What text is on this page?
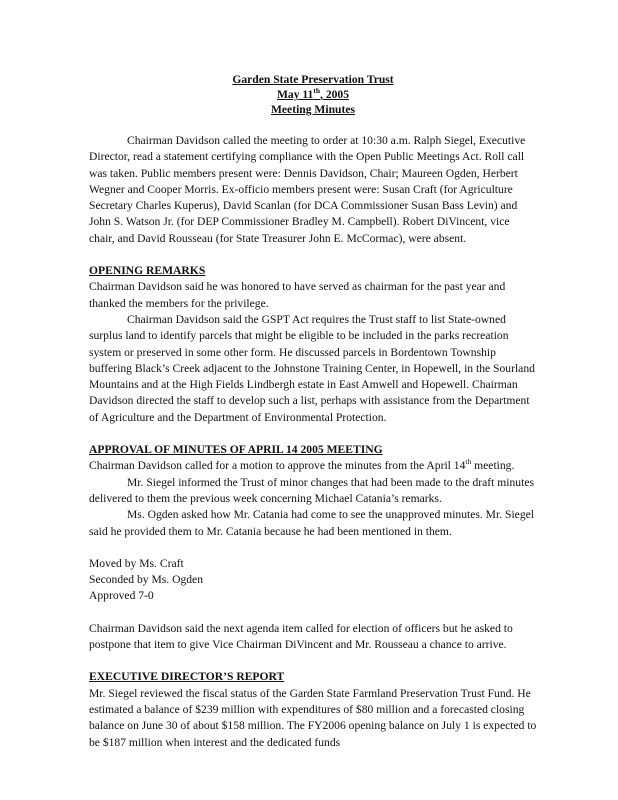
Garden State Preservation Trust
May 11th, 2005
Meeting Minutes

Chairman Davidson called the meeting to order at 10:30 a.m. Ralph Siegel, Executive Director, read a statement certifying compliance with the Open Public Meetings Act. Roll call was taken. Public members present were: Dennis Davidson, Chair; Maureen Ogden, Herbert Wegner and Cooper Morris. Ex-officio members present were: Susan Craft (for Agriculture Secretary Charles Kuperus), David Scanlan (for DCA Commissioner Susan Bass Levin) and John S. Watson Jr. (for DEP Commissioner Bradley M. Campbell). Robert DiVincent, vice chair, and David Rousseau (for State Treasurer John E. McCormac), were absent.

OPENING REMARKS

Chairman Davidson said he was honored to have served as chairman for the past year and thanked the members for the privilege.

Chairman Davidson said the GSPT Act requires the Trust staff to list State-owned surplus land to identify parcels that might be eligible to be included in the parks recreation system or preserved in some other form. He discussed parcels in Bordentown Township buffering Black’s Creek adjacent to the Johnstone Training Center, in Hopewell, in the Sourland Mountains and at the High Fields Lindbergh estate in East Amwell and Hopewell. Chairman Davidson directed the staff to develop such a list, perhaps with assistance from the Department of Agriculture and the Department of Environmental Protection.

APPROVAL OF MINUTES OF APRIL 14 2005 MEETING

Chairman Davidson called for a motion to approve the minutes from the April 14th meeting.

Mr. Siegel informed the Trust of minor changes that had been made to the draft minutes delivered to them the previous week concerning Michael Catania’s remarks.

Ms. Ogden asked how Mr. Catania had come to see the unapproved minutes. Mr. Siegel said he provided them to Mr. Catania because he had been mentioned in them.

Moved by Ms. Craft

Seconded by Ms. Ogden

Approved 7-0

Chairman Davidson said the next agenda item called for election of officers but he asked to postpone that item to give Vice Chairman DiVincent and Mr. Rousseau a chance to arrive.

EXECUTIVE DIRECTOR’S REPORT

Mr. Siegel reviewed the fiscal status of the Garden State Farmland Preservation Trust Fund. He estimated a balance of $239 million with expenditures of $80 million and a forecasted closing balance on June 30 of about $158 million. The FY2006 opening balance on July 1 is expected to be $187 million when interest and the dedicated funds
